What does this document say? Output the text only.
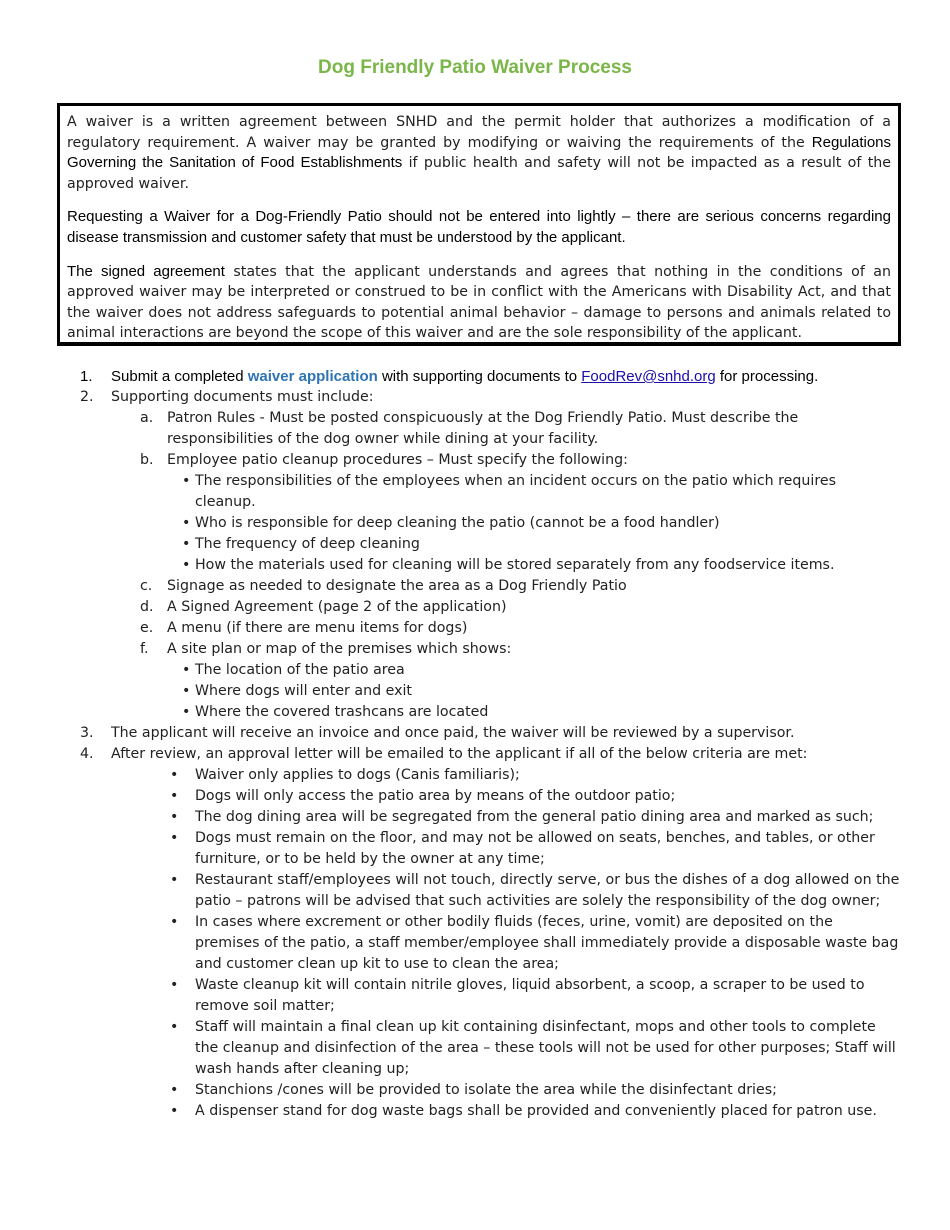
Dog Friendly Patio Waiver Process

A waiver is a written agreement between SNHD and the permit holder that authorizes a modification of a regulatory requirement. A waiver may be granted by modifying or waiving the requirements of the Regulations Governing the Sanitation of Food Establishments if public health and safety will not be impacted as a result of the approved waiver.

Requesting a Waiver for a Dog-Friendly Patio should not be entered into lightly – there are serious concerns regarding disease transmission and customer safety that must be understood by the applicant.

The signed agreement states that the applicant understands and agrees that nothing in the conditions of an approved waiver may be interpreted or construed to be in conflict with the Americans with Disability Act, and that the waiver does not address safeguards to potential animal behavior – damage to persons and animals related to animal interactions are beyond the scope of this waiver and are the sole responsibility of the applicant.

1. Submit a completed waiver application with supporting documents to FoodRev@snhd.org for processing.
2. Supporting documents must include:
a. Patron Rules - Must be posted conspicuously at the Dog Friendly Patio. Must describe the responsibilities of the dog owner while dining at your facility.
b. Employee patio cleanup procedures – Must specify the following:
• The responsibilities of the employees when an incident occurs on the patio which requires cleanup.
• Who is responsible for deep cleaning the patio (cannot be a food handler)
• The frequency of deep cleaning
• How the materials used for cleaning will be stored separately from any foodservice items.
c. Signage as needed to designate the area as a Dog Friendly Patio
d. A Signed Agreement (page 2 of the application)
e. A menu (if there are menu items for dogs)
f. A site plan or map of the premises which shows:
• The location of the patio area
• Where dogs will enter and exit
• Where the covered trashcans are located
3. The applicant will receive an invoice and once paid, the waiver will be reviewed by a supervisor.
4. After review, an approval letter will be emailed to the applicant if all of the below criteria are met:
• Waiver only applies to dogs (Canis familiaris);
• Dogs will only access the patio area by means of the outdoor patio;
• The dog dining area will be segregated from the general patio dining area and marked as such;
• Dogs must remain on the floor, and may not be allowed on seats, benches, and tables, or other furniture, or to be held by the owner at any time;
• Restaurant staff/employees will not touch, directly serve, or bus the dishes of a dog allowed on the patio – patrons will be advised that such activities are solely the responsibility of the dog owner;
• In cases where excrement or other bodily fluids (feces, urine, vomit) are deposited on the premises of the patio, a staff member/employee shall immediately provide a disposable waste bag and customer clean up kit to use to clean the area;
• Waste cleanup kit will contain nitrile gloves, liquid absorbent, a scoop, a scraper to be used to remove soil matter;
• Staff will maintain a final clean up kit containing disinfectant, mops and other tools to complete the cleanup and disinfection of the area – these tools will not be used for other purposes; Staff will wash hands after cleaning up;
• Stanchions /cones will be provided to isolate the area while the disinfectant dries;
• A dispenser stand for dog waste bags shall be provided and conveniently placed for patron use.
